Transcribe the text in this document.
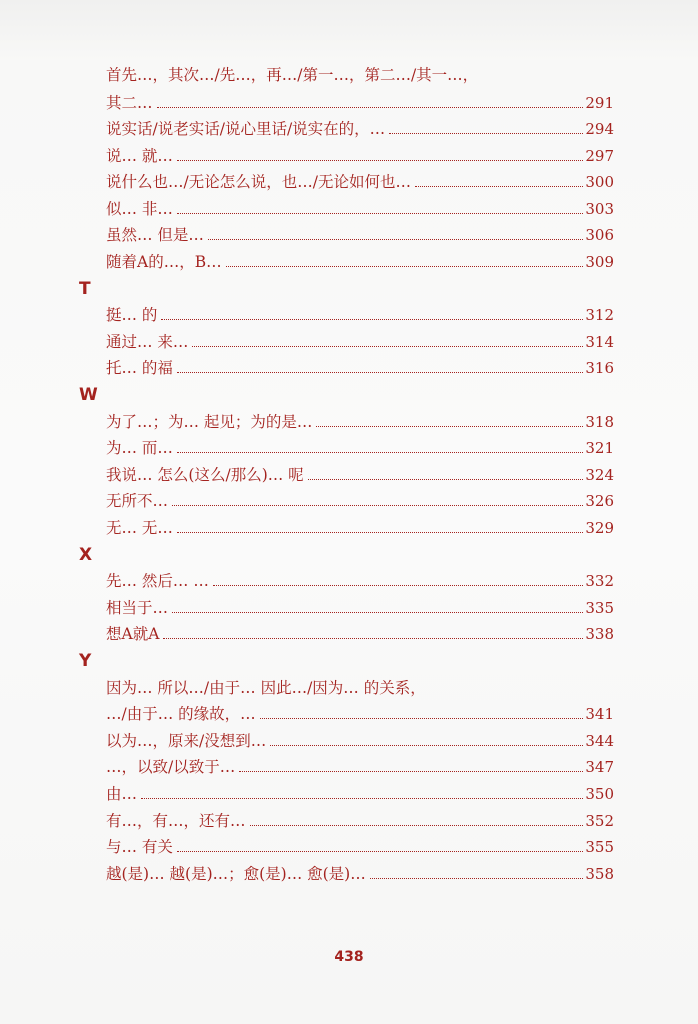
首先…，其次…/先…，再…/第一…，第二…/其一…，
其二…	291
说实话/说老实话/说心里话/说实在的，…	294
说… 就…	297
说什么也…/无论怎么说，也…/无论如何也…	300
似… 非…	303
虽然… 但是…	306
随着A的…，B…	309
T
挺… 的	312
通过… 来…	314
托… 的福	316
W
为了…；为… 起见；为的是…	318
为… 而…	321
我说… 怎么(这么/那么)… 呢	324
无所不…	326
无… 无…	329
X
先… 然后… …	332
相当于…	335
想A就A	338
Y
因为… 所以…/由于… 因此…/因为… 的关系，
…/由于… 的缘故，…	341
以为…，原来/没想到…	344
…，以致/以致于…	347
由…	350
有…，有…，还有…	352
与… 有关	355
越(是)… 越(是)…；愈(是)… 愈(是)…	358
438
